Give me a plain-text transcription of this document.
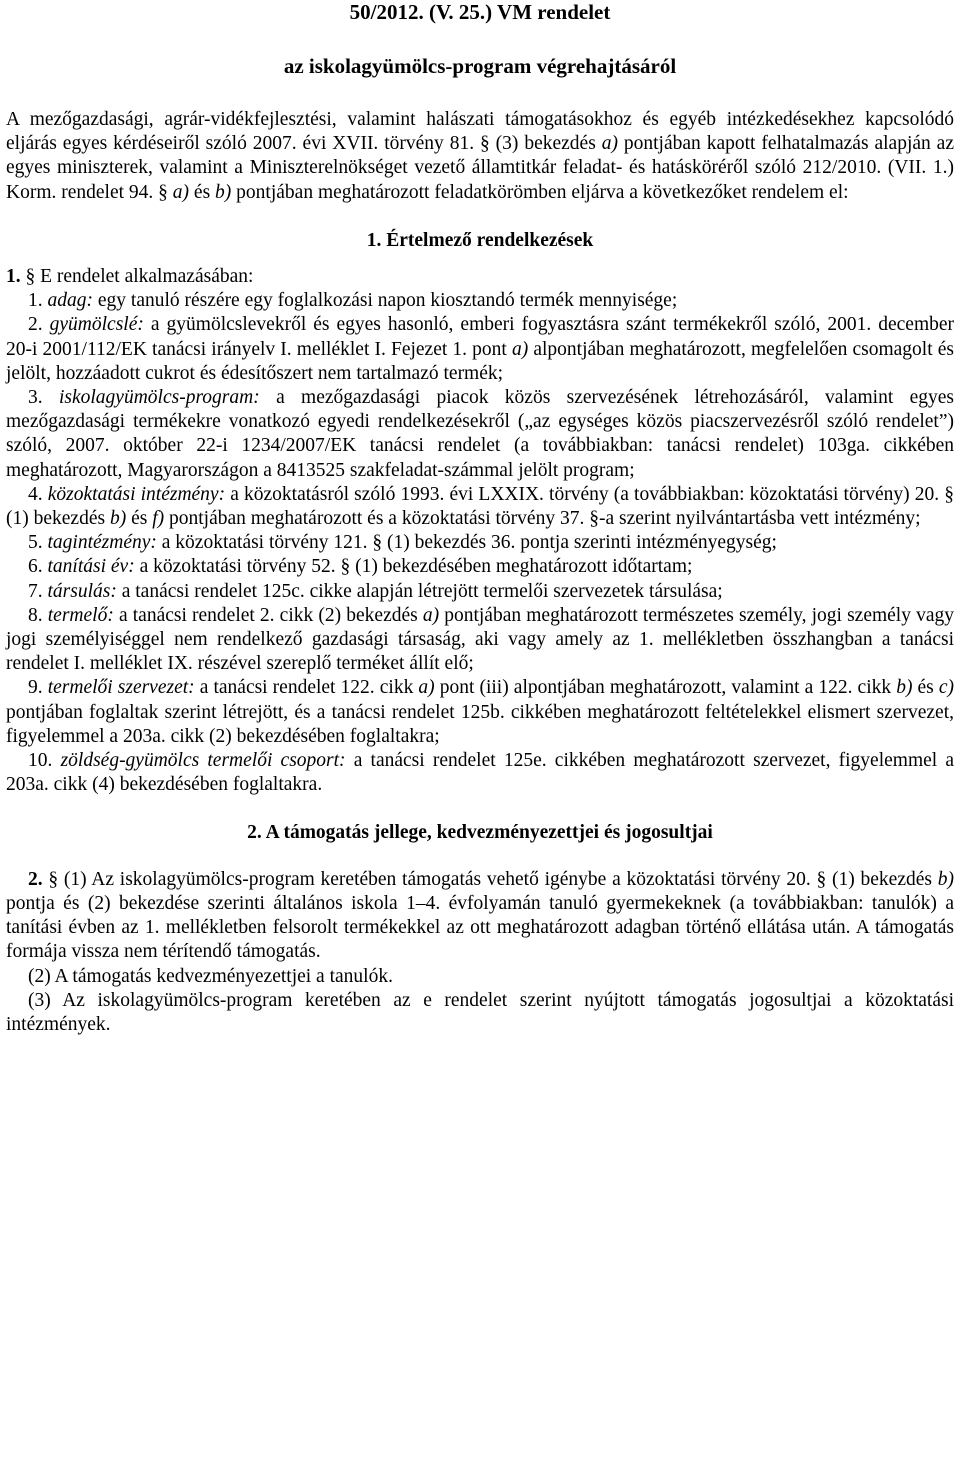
50/2012. (V. 25.) VM rendelet
az iskolagyümölcs-program végrehajtásáról

A mezőgazdasági, agrár-vidékfejlesztési, valamint halászati támogatásokhoz és egyéb intézkedésekhez kapcsolódó eljárás egyes kérdéseiről szóló 2007. évi XVII. törvény 81. § (3) bekezdés a) pontjában kapott felhatalmazás alapján az egyes miniszterek, valamint a Miniszterelnökséget vezető államtitkár feladat- és hatásköréről szóló 212/2010. (VII. 1.) Korm. rendelet 94. § a) és b) pontjában meghatározott feladatkörömben eljárva a következőket rendelem el:

1. Értelmező rendelkezések

1. § E rendelet alkalmazásában:

1. adag: egy tanuló részére egy foglalkozási napon kiosztandó termék mennyisége;

2. gyümölcslé: a gyümölcslevekről és egyes hasonló, emberi fogyasztásra szánt termékekről szóló, 2001. december 20-i 2001/112/EK tanácsi irányelv I. melléklet I. Fejezet 1. pont a) alpontjában meghatározott, megfelelően csomagolt és jelölt, hozzáadott cukrot és édesítőszert nem tartalmazó termék;

3. iskolagyümölcs-program: a mezőgazdasági piacok közös szervezésének létrehozásáról, valamint egyes mezőgazdasági termékekre vonatkozó egyedi rendelkezésekről („az egységes közös piacszervezésről szóló rendelet”) szóló, 2007. október 22-i 1234/2007/EK tanácsi rendelet (a továbbiakban: tanácsi rendelet) 103ga. cikkében meghatározott, Magyarországon a 8413525 szakfeladat-számmal jelölt program;

4. közoktatási intézmény: a közoktatásról szóló 1993. évi LXXIX. törvény (a továbbiakban: közoktatási törvény) 20. § (1) bekezdés b) és f) pontjában meghatározott és a közoktatási törvény 37. §-a szerint nyilvántartásba vett intézmény;

5. tagintézmény: a közoktatási törvény 121. § (1) bekezdés 36. pontja szerinti intézményegység;

6. tanítási év: a közoktatási törvény 52. § (1) bekezdésében meghatározott időtartam;

7. társulás: a tanácsi rendelet 125c. cikke alapján létrejött termelői szervezetek társulása;

8. termelő: a tanácsi rendelet 2. cikk (2) bekezdés a) pontjában meghatározott természetes személy, jogi személy vagy jogi személyiséggel nem rendelkező gazdasági társaság, aki vagy amely az 1. mellékletben összhangban a tanácsi rendelet I. melléklet IX. részével szereplő terméket állít elő;

9. termelői szervezet: a tanácsi rendelet 122. cikk a) pont (iii) alpontjában meghatározott, valamint a 122. cikk b) és c) pontjában foglaltak szerint létrejött, és a tanácsi rendelet 125b. cikkében meghatározott feltételekkel elismert szervezet, figyelemmel a 203a. cikk (2) bekezdésében foglaltakra;

10. zöldség-gyümölcs termelői csoport: a tanácsi rendelet 125e. cikkében meghatározott szervezet, figyelemmel a 203a. cikk (4) bekezdésében foglaltakra.

2. A támogatás jellege, kedvezményezettjei és jogosultjai

2. § (1) Az iskolagyümölcs-program keretében támogatás vehető igénybe a közoktatási törvény 20. § (1) bekezdés b) pontja és (2) bekezdése szerinti általános iskola 1–4. évfolyamán tanuló gyermekeknek (a továbbiakban: tanulók) a tanítási évben az 1. mellékletben felsorolt termékekkel az ott meghatározott adagban történő ellátása után. A támogatás formája vissza nem térítendő támogatás.

(2) A támogatás kedvezményezettjei a tanulók.

(3) Az iskolagyümölcs-program keretében az e rendelet szerint nyújtott támogatás jogosultjai a közoktatási intézmények.
